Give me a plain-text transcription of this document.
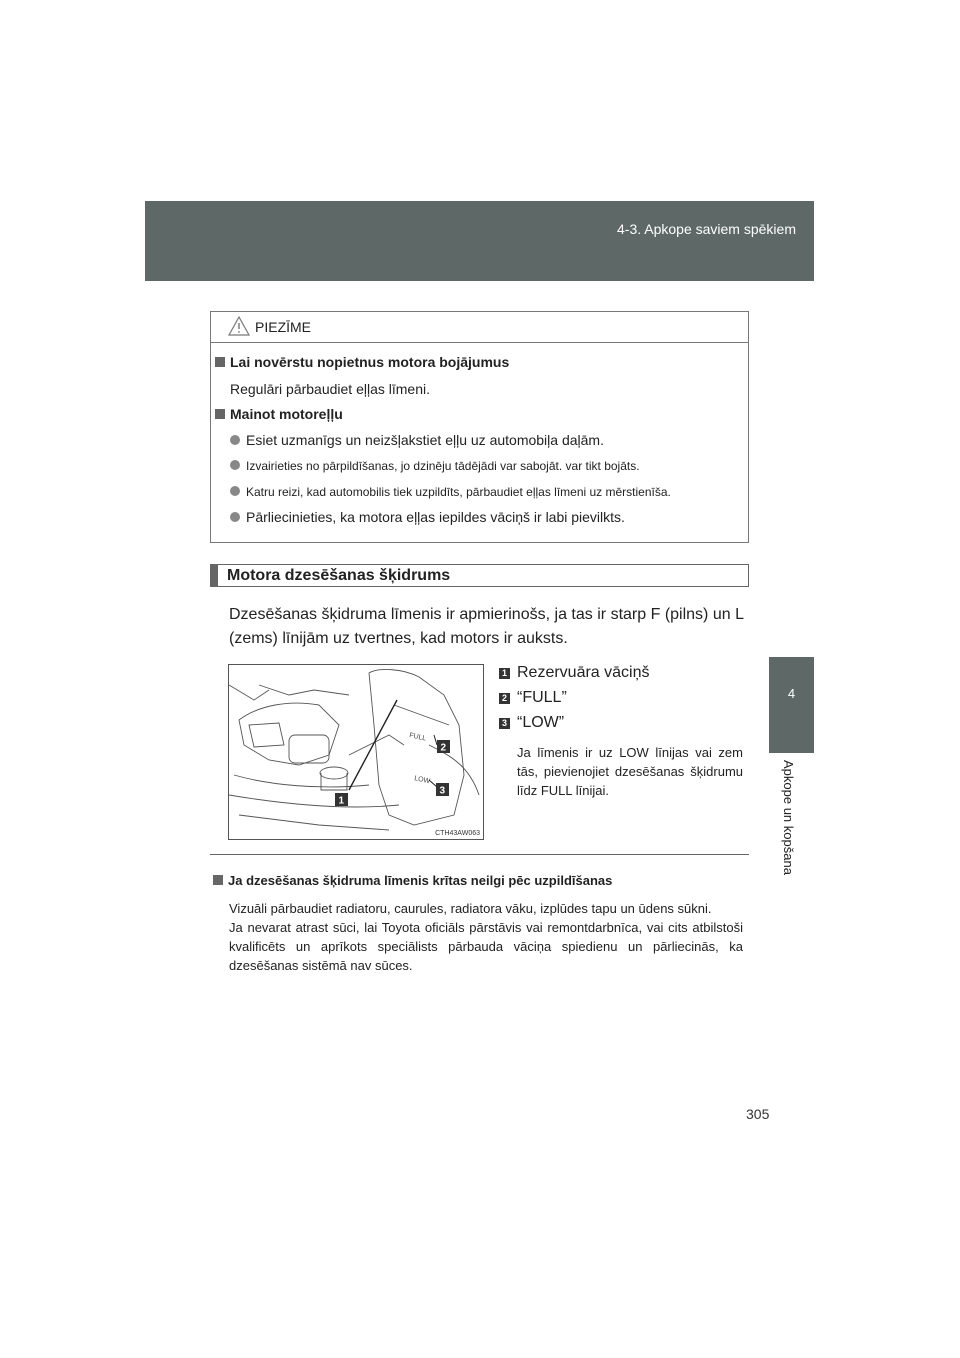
4-3. Apkope saviem spēkiem
4
Apkope un kopšana
PIEZĪME
Lai novērstu nopietnus motora bojājumus
Regulāri pārbaudiet eļļas līmeni.
Mainot motoreļļu
Esiet uzmanīgs un neizšļakstiet eļļu uz automobiļa daļām.
Izvairieties no pārpildīšanas, jo dzinēju tādējādi var sabojāt. var tikt bojāts.
Katru reizi, kad automobilis tiek uzpildīts, pārbaudiet eļļas līmeni uz mērstienīša.
Pārliecinieties, ka motora eļļas iepildes vāciņš ir labi pievilkts.
Motora dzesēšanas šķidrums
Dzesēšanas šķidruma līmenis ir apmierinošs, ja tas ir starp F (pilns) un L (zems) līnijām uz tvertnes, kad motors ir auksts.
FULL
LOW
1
2
3
CTH43AW063
1 Rezervuāra vāciņš
2 “FULL”
3 “LOW”
Ja līmenis ir uz LOW līnijas vai zem tās, pievienojiet dzesēšanas šķidrumu līdz FULL līnijai.
Ja dzesēšanas šķidruma līmenis krītas neilgi pēc uzpildīšanas
Vizuāli pārbaudiet radiatoru, caurules, radiatora vāku, izplūdes tapu un ūdens sūkni.
Ja nevarat atrast sūci, lai Toyota oficiāls pārstāvis vai remontdarbnīca, vai cits atbilstoši kvalificēts un aprīkots speciālists pārbauda vāciņa spiedienu un pārliecinās, ka dzesēšanas sistēmā nav sūces.
305
